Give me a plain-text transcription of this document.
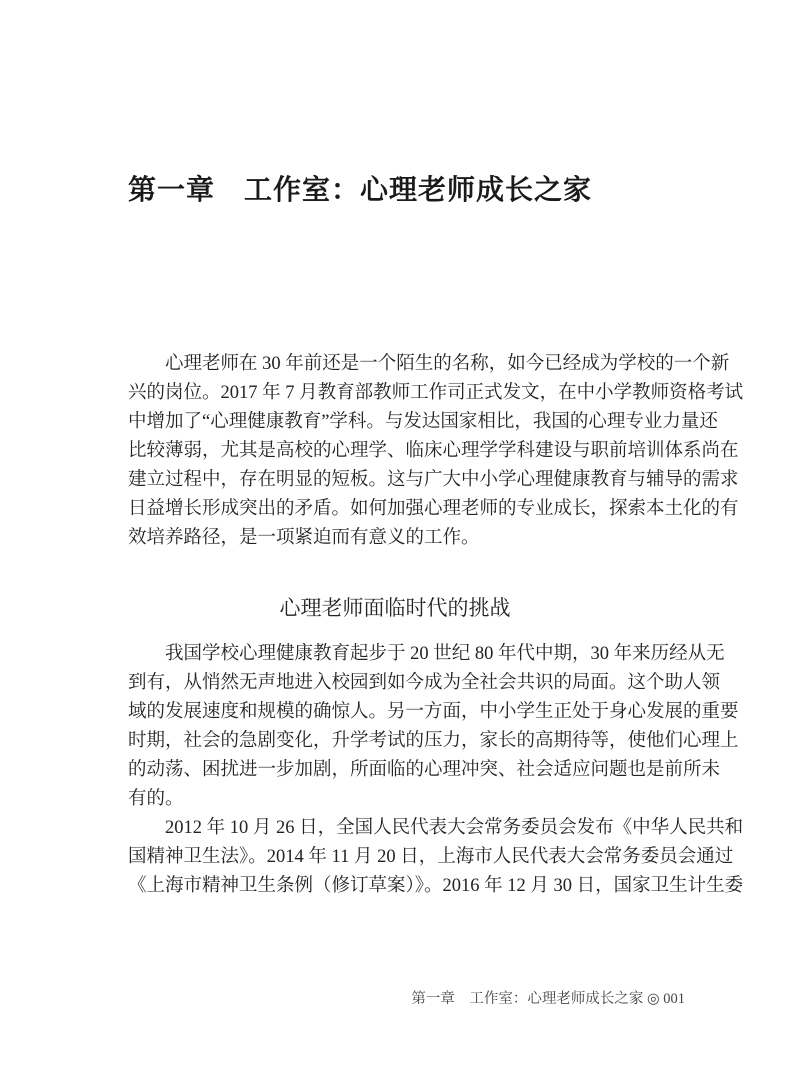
第一章　工作室：心理老师成长之家
心理老师在 30 年前还是一个陌生的名称，如今已经成为学校的一个新
兴的岗位。2017 年 7 月教育部教师工作司正式发文，在中小学教师资格考试
中增加了“心理健康教育”学科。与发达国家相比，我国的心理专业力量还
比较薄弱，尤其是高校的心理学、临床心理学学科建设与职前培训体系尚在
建立过程中，存在明显的短板。这与广大中小学心理健康教育与辅导的需求
日益增长形成突出的矛盾。如何加强心理老师的专业成长，探索本土化的有
效培养路径，是一项紧迫而有意义的工作。
心理老师面临时代的挑战
我国学校心理健康教育起步于 20 世纪 80 年代中期，30 年来历经从无
到有，从悄然无声地进入校园到如今成为全社会共识的局面。这个助人领
域的发展速度和规模的确惊人。另一方面，中小学生正处于身心发展的重要
时期，社会的急剧变化，升学考试的压力，家长的高期待等，使他们心理上
的动荡、困扰进一步加剧，所面临的心理冲突、社会适应问题也是前所未
有的。
2012 年 10 月 26 日，全国人民代表大会常务委员会发布《中华人民共和
国精神卫生法》。2014 年 11 月 20 日，上海市人民代表大会常务委员会通过
《上海市精神卫生条例（修订草案）》。2016 年 12 月 30 日，国家卫生计生委
第一章　工作室：心理老师成长之家 ◎ 001
